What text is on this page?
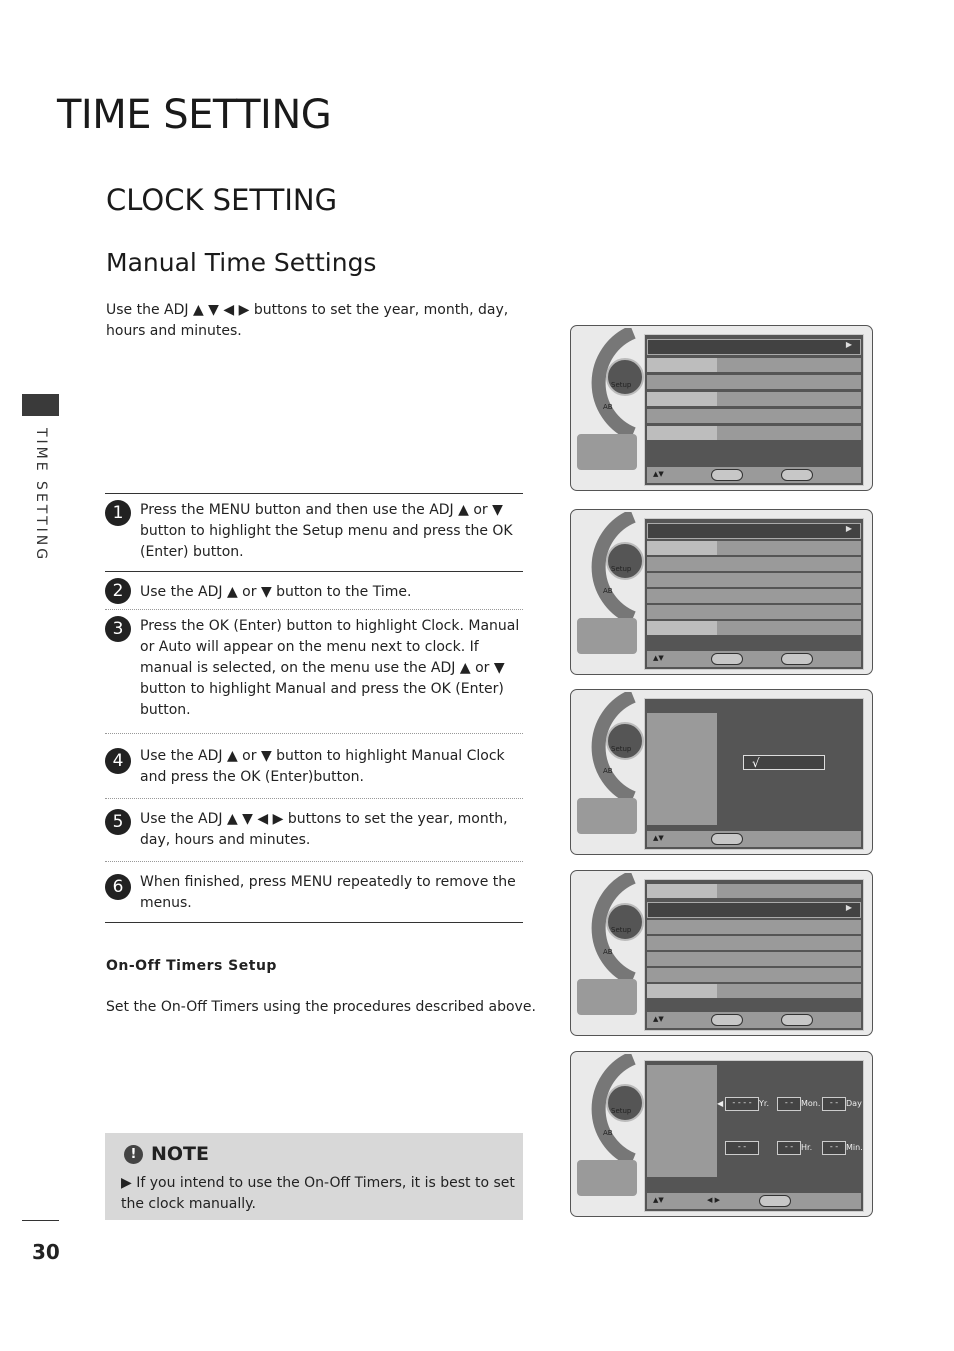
TIME SETTING
CLOCK SETTING
Manual Time Settings
Use the ADJ ▲ ▼ ◀ ▶ buttons to set the year, month, day, hours and minutes.
TIME SETTING
30
1	Press the MENU button and then use the ADJ ▲ or ▼ button to highlight the Setup menu and press the OK (Enter) button.
2	Use the ADJ ▲ or ▼ button to the Time.
3	Press the OK (Enter) button to highlight Clock. Manual or Auto will appear on the menu next to clock. If manual is selected, on the menu use the ADJ ▲ or ▼ button to highlight Manual and press the OK (Enter) button.
4	Use the ADJ ▲ or ▼ button to highlight Manual Clock and press the OK (Enter)button.
5	Use the ADJ ▲ ▼ ◀ ▶ buttons to set the year, month, day, hours and minutes.
6	When finished, press MENU repeatedly to remove the menus.
On-Off Timers Setup
Set the On-Off Timers using the procedures described above.
! NOTE
▶ If you intend to use the On-Off Timers, it is best to set the clock manually.
Setup
AB
▶
▲▼
Setup
AB
▶
▲▼
Setup
AB
√
▲▼
Setup
AB
▶
▲▼
Setup
AB
◀	- - - - Yr.	- - Mon.	- - Day
- -	- - Hr.	- - Min.
▲▼	◀ ▶
